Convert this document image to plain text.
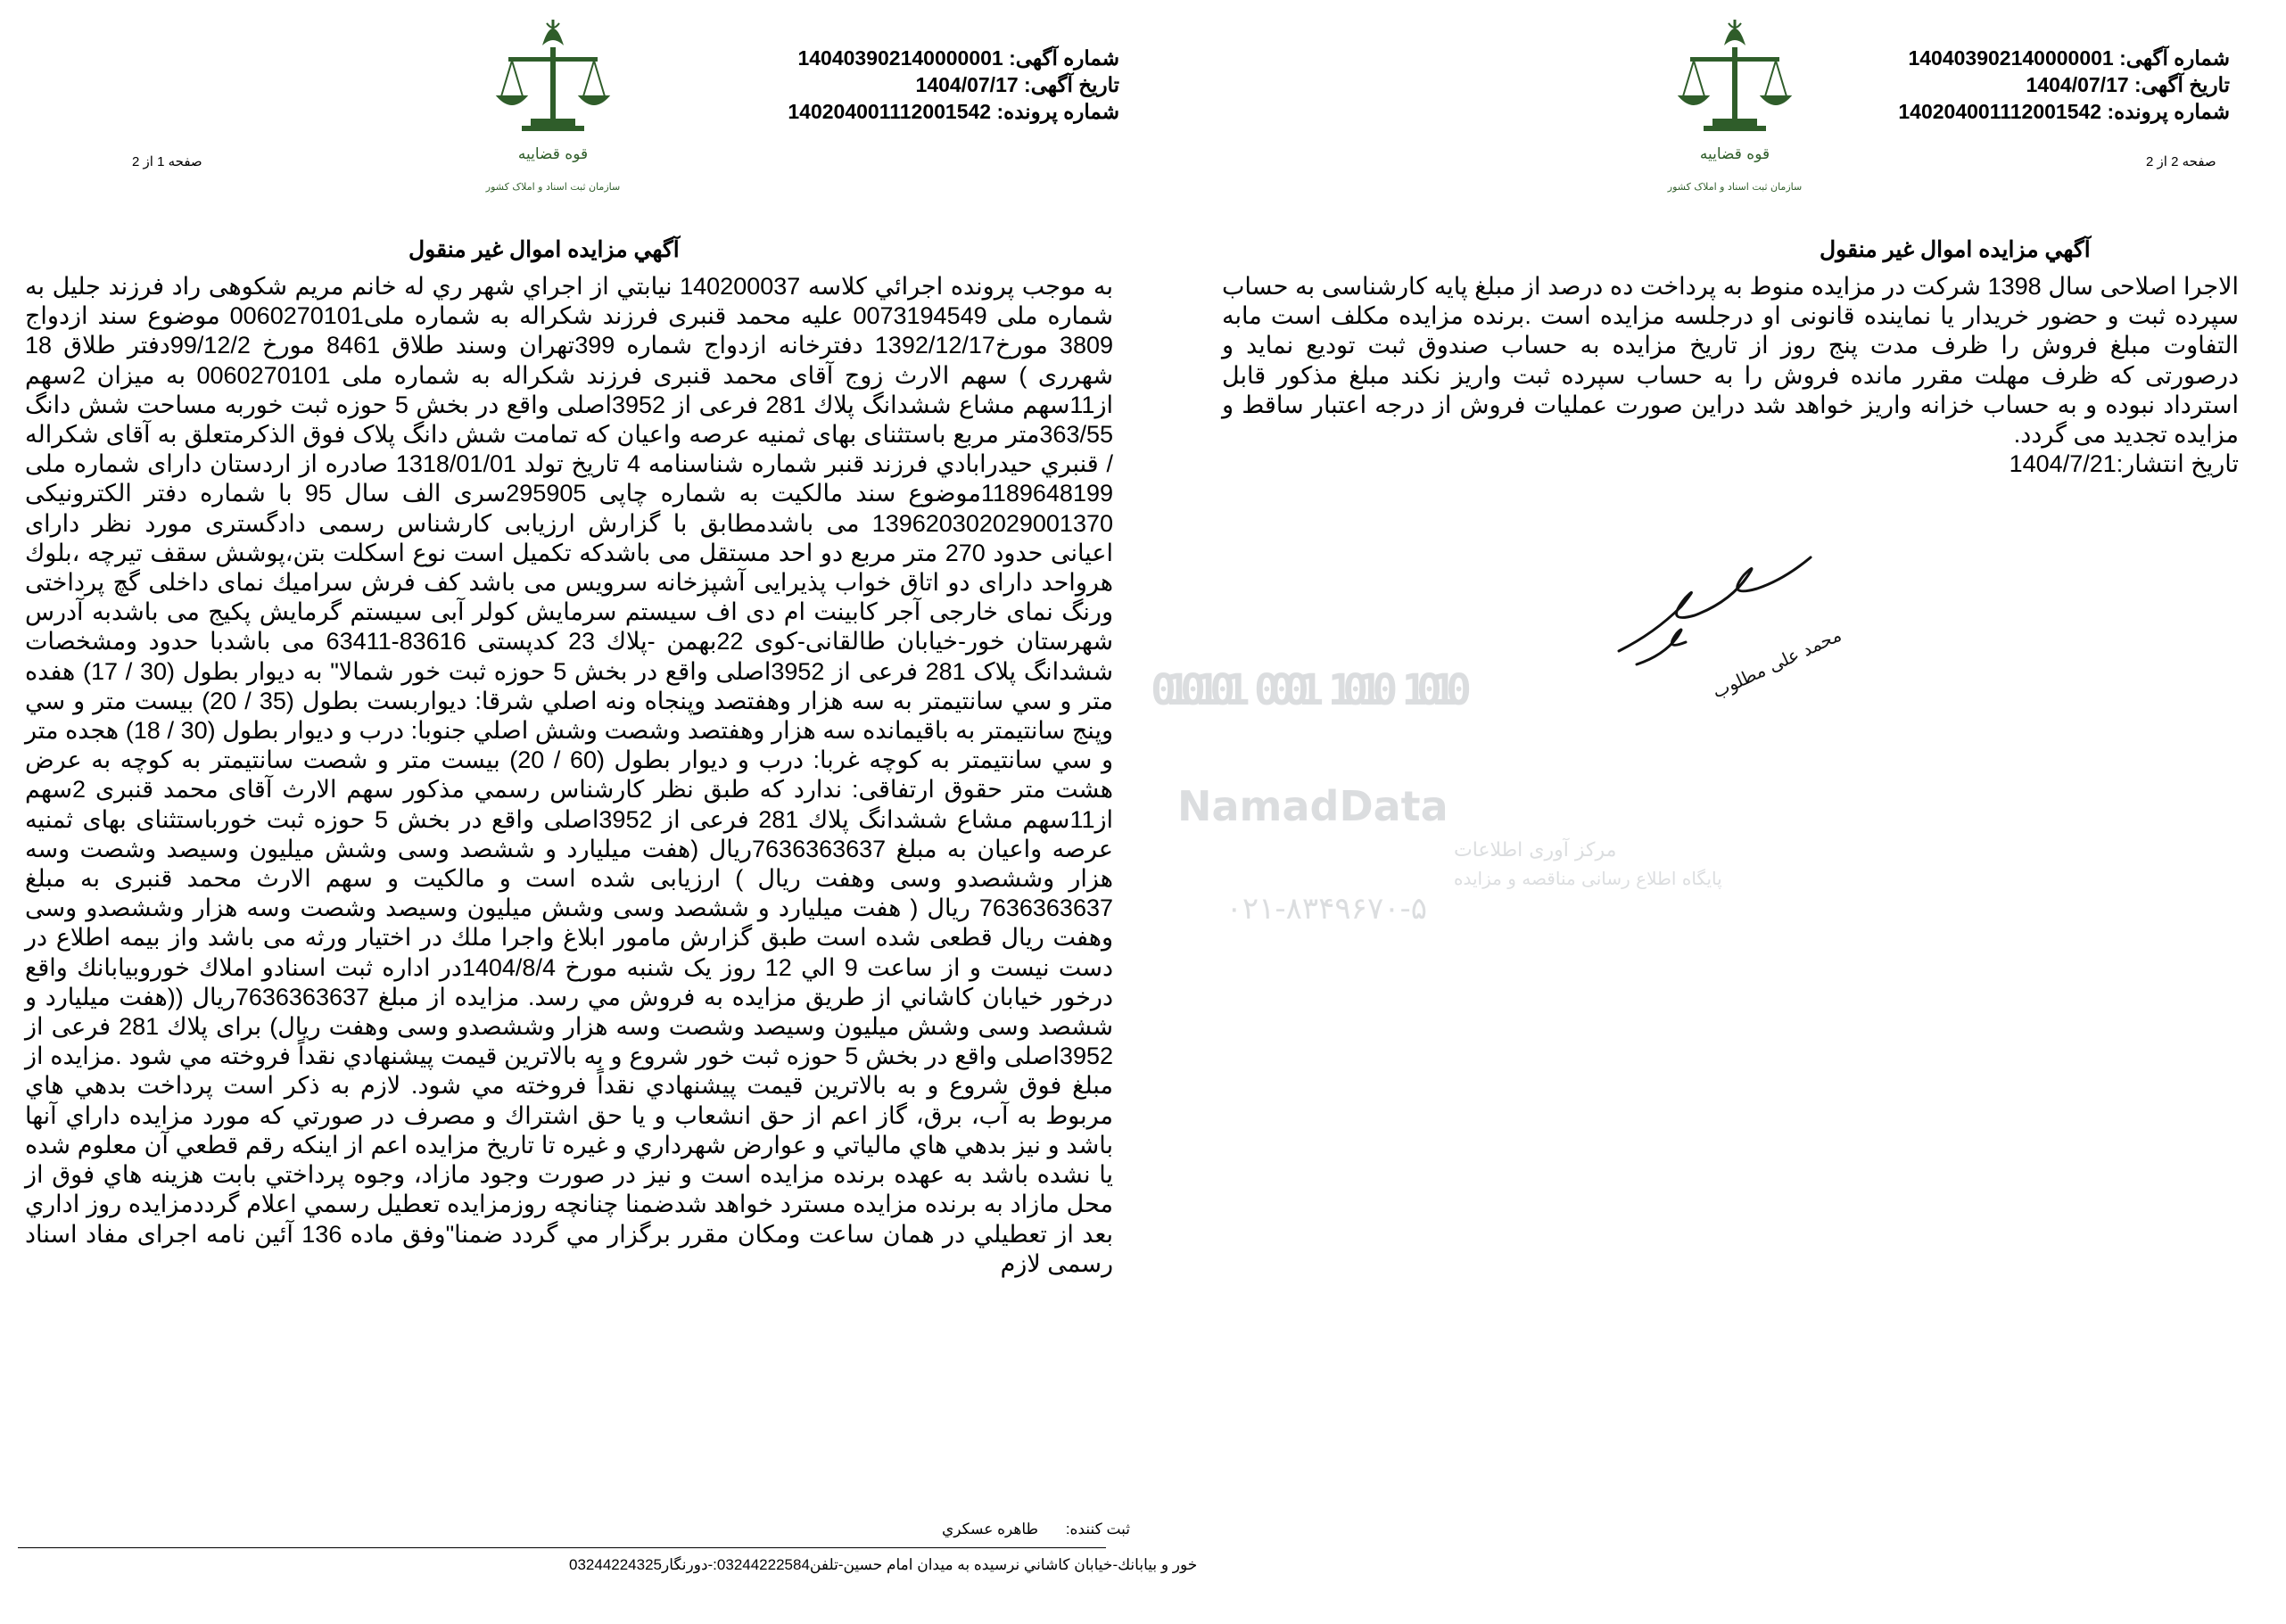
شماره آگهی: 140403902140000001
تاریخ آگهی: 1404/07/17
شماره پرونده: 140204001112001542
قوه قضاییه
سازمان ثبت اسناد و املاک کشور
صفحه 1 از 2
آگهي مزايده اموال غير منقول

به موجب پرونده اجرائي كلاسه 140200037 نيابتي از اجراي شهر ري له خانم مريم شكوهی راد فرزند جليل به شماره ملی 0073194549 عليه محمد قنبری فرزند شكراله به شماره ملی0060270101 موضوع سند ازدواج 3809 مورخ1392/12/17 دفترخانه ازدواج شماره 399تهران وسند طلاق 8461 مورخ 99/12/2دفتر طلاق 18 شهرری ) سهم الارث زوج آقای محمد قنبری فرزند شكراله به شماره ملی 0060270101 به ميزان 2سهم از11سهم مشاع ششدانگ پلاك 281 فرعی از 3952اصلی واقع در بخش 5 حوزه ثبت خوربه مساحت شش دانگ 363/55متر مربع باستثنای بهای ثمنيه عرصه واعيان كه تمامت شش دانگ پلاک فوق الذكرمتعلق به آقای شكراله / قنبري حيدرابادي فرزند قنبر شماره شناسنامه 4 تاريخ تولد 1318/01/01 صادره از اردستان دارای شماره ملی 1189648199موضوع سند مالكيت به شماره چاپی 295905سری الف سال 95 با شماره دفتر الكترونيكی 139620302029001370 می باشدمطابق با گزارش ارزيابی كارشناس رسمی دادگستری مورد نظر دارای اعيانی حدود 270 متر مربع دو احد مستقل می باشدكه تكميل است نوع اسكلت بتن،پوشش سقف تيرچه ،بلوك هرواحد دارای دو اتاق خواب پذيرايی آشپزخانه سرويس می باشد كف فرش سراميك نمای داخلی گچ پرداختی ورنگ نمای خارجی آجر كابينت ام دی اف سيستم سرمايش كولر آبی سيستم گرمايش پكيج می باشدبه آدرس شهرستان خور-خيابان طالقانی-كوی 22بهمن -پلاك 23 كدپستی 83616-63411 می باشدبا حدود ومشخصات ششدانگ پلاک 281 فرعی از 3952اصلی واقع در بخش 5 حوزه ثبت خور شمالا" به ديوار بطول (30 / 17) هفده متر و سي سانتيمتر به سه هزار وهفتصد وپنجاه ونه اصلي شرقا: ديواربست بطول (35 / 20) بيست متر و سي وپنج سانتيمتر به باقيمانده سه هزار وهفتصد وشصت وشش اصلي جنوبا: درب و ديوار بطول (30 / 18) هجده متر و سي سانتيمتر به كوچه غربا: درب و ديوار بطول (60 / 20) بيست متر و شصت سانتيمتر به كوچه به عرض هشت متر حقوق ارتفاقی: ندارد كه طبق نظر كارشناس رسمي مذكور سهم الارث آقای محمد قنبری 2سهم از11سهم مشاع ششدانگ پلاك 281 فرعی از 3952اصلی واقع در بخش 5 حوزه ثبت خورباستثنای بهای ثمنيه عرصه واعيان به مبلغ 7636363637ريال (هفت ميليارد و ششصد وسی وشش ميليون وسيصد وشصت وسه هزار وششصدو وسی وهفت ريال ) ارزيابی شده است و مالكيت و سهم الارث محمد قنبری به مبلغ 7636363637 ريال ( هفت ميليارد و ششصد وسی وشش ميليون وسيصد وشصت وسه هزار وششصدو وسی وهفت ريال قطعی شده است طبق گزارش مامور ابلاغ واجرا ملك در اختيار ورثه می باشد واز بيمه اطلاع در دست نيست و از ساعت 9 الي 12 روز يک شنبه مورخ 1404/8/4در اداره ثبت اسنادو املاك خوروبيابانك واقع درخور خيابان كاشاني از طريق مزايده به فروش مي رسد. مزايده از مبلغ 7636363637ريال ((هفت ميليارد و ششصد وسی وشش ميليون وسيصد وشصت وسه هزار وششصدو وسی وهفت ريال) برای پلاك 281 فرعی از 3952اصلی واقع در بخش 5 حوزه ثبت خور شروع و به بالاترين قيمت پيشنهادي نقداً فروخته مي شود .مزايده از مبلغ فوق شروع و به بالاترين قيمت پيشنهادي نقداً فروخته مي شود. لازم به ذكر است پرداخت بدهي هاي مربوط به آب، برق، گاز اعم از حق انشعاب و يا حق اشتراك و مصرف در صورتي كه مورد مزايده داراي آنها باشد و نيز بدهي هاي مالياتي و عوارض شهرداري و غيره تا تاريخ مزايده اعم از اينكه رقم قطعي آن معلوم شده يا نشده باشد به عهده برنده مزايده است و نيز در صورت وجود مازاد، وجوه پرداختي بابت هزينه هاي فوق از محل مازاد به برنده مزايده مسترد خواهد شدضمنا چنانچه روزمزايده تعطيل رسمي اعلام گرددمزايده روز اداري بعد از تعطيلي در همان ساعت ومكان مقرر برگزار مي گردد ضمنا"وفق ماده 136 آئين نامه اجراى مفاد اسناد رسمى لازم

ثبت كننده: طاهره عسكري
خور و بيابانك-خيابان كاشاني نرسيده به ميدان امام حسين-تلفن03244222584:-دورنگار03244224325
شماره آگهی: 140403902140000001
تاریخ آگهی: 1404/07/17
شماره پرونده: 140204001112001542
قوه قضاییه
سازمان ثبت اسناد و املاک کشور
صفحه 2 از 2
آگهي مزايده اموال غير منقول

الاجرا اصلاحی سال 1398 شركت در مزايده منوط به پرداخت ده درصد از مبلغ پايه كارشناسی به حساب سپرده ثبت و حضور خريدار يا نماينده قانونی او درجلسه مزايده است .برنده مزايده مكلف است مابه التفاوت مبلغ فروش را ظرف مدت پنج روز از تاريخ مزايده به حساب صندوق ثبت توديع نمايد و درصورتی كه ظرف مهلت مقرر مانده فروش را به حساب سپرده ثبت واريز نكند مبلغ مذكور قابل استرداد نبوده و به حساب خزانه واريز خواهد شد دراين صورت عمليات فروش از درجه اعتبار ساقط و مزايده تجديد می گردد.

تاريخ انتشار:1404/7/21

محمد علی مطلوب
010101 0001 1010 1010
NamadData
مرکز آوری اطلاعات
پایگاه اطلاع رسانی مناقصه و مزایده
۰۲۱-۸۳۴۹۶۷۰-۵
